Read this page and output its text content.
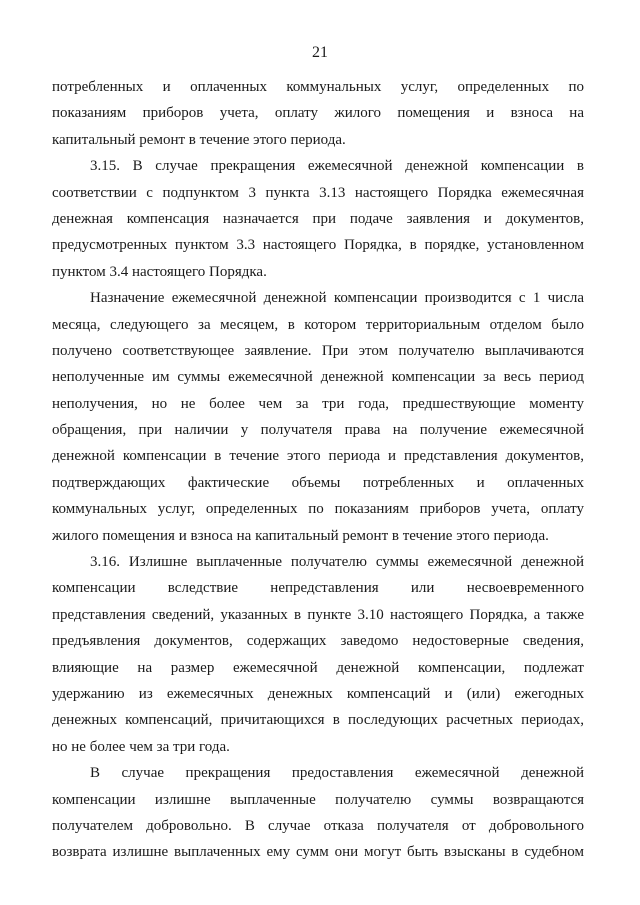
21
потребленных и оплаченных коммунальных услуг, определенных по
показаниям приборов учета, оплату жилого помещения и взноса на
капитальный ремонт в течение этого периода.
3.15. В случае прекращения ежемесячной денежной компенсации в
соответствии с подпунктом 3 пункта 3.13 настоящего Порядка ежемесячная
денежная компенсация назначается при подаче заявления и документов,
предусмотренных пунктом 3.3 настоящего Порядка, в порядке, установленном
пунктом 3.4 настоящего Порядка.
Назначение ежемесячной денежной компенсации производится с 1 числа
месяца, следующего за месяцем, в котором территориальным отделом было
получено соответствующее заявление. При этом получателю выплачиваются
неполученные им суммы ежемесячной денежной компенсации за весь период
неполучения, но не более чем за три года, предшествующие моменту
обращения, при наличии у получателя права на получение ежемесячной
денежной компенсации в течение этого периода и представления документов,
подтверждающих фактические объемы потребленных и оплаченных
коммунальных услуг, определенных по показаниям приборов учета, оплату
жилого помещения и взноса на капитальный ремонт в течение этого периода.
3.16. Излишне выплаченные получателю суммы ежемесячной денежной
компенсации вследствие непредставления или несвоевременного
представления сведений, указанных в пункте 3.10 настоящего Порядка, а также
предъявления документов, содержащих заведомо недостоверные сведения,
влияющие на размер ежемесячной денежной компенсации, подлежат
удержанию из ежемесячных денежных компенсаций и (или) ежегодных
денежных компенсаций, причитающихся в последующих расчетных периодах,
но не более чем за три года.
В случае прекращения предоставления ежемесячной денежной
компенсации излишне выплаченные получателю суммы возвращаются
получателем добровольно. В случае отказа получателя от добровольного
возврата излишне выплаченных ему сумм они могут быть взысканы в судебном
